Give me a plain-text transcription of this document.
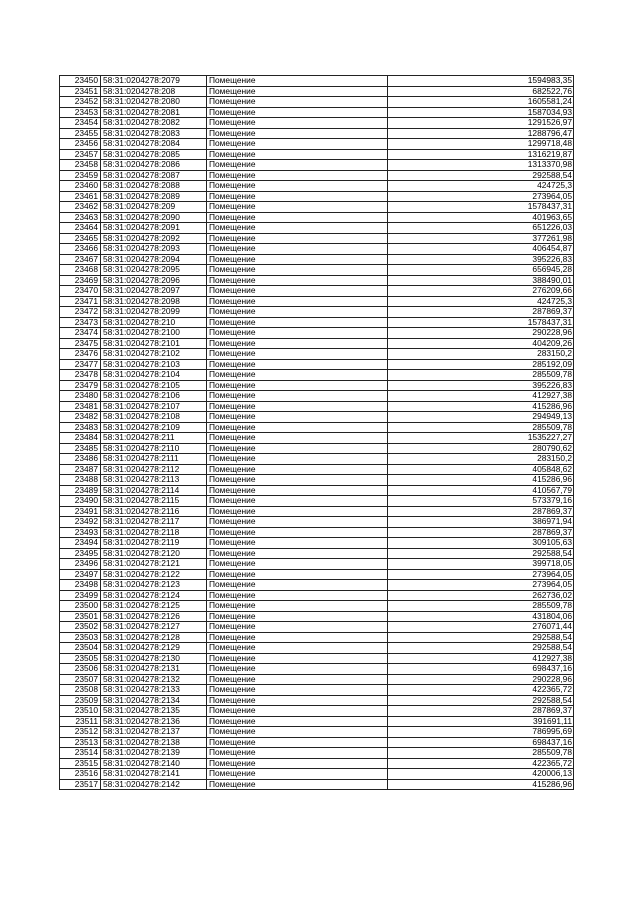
23450	58:31:0204278:2079	Помещение	1594983,35
23451	58:31:0204278:208	Помещение	682522,76
23452	58:31:0204278:2080	Помещение	1605581,24
23453	58:31:0204278:2081	Помещение	1587034,93
23454	58:31:0204278:2082	Помещение	1291526,97
23455	58:31:0204278:2083	Помещение	1288796,47
23456	58:31:0204278:2084	Помещение	1299718,48
23457	58:31:0204278:2085	Помещение	1316219,87
23458	58:31:0204278:2086	Помещение	1313370,98
23459	58:31:0204278:2087	Помещение	292588,54
23460	58:31:0204278:2088	Помещение	424725,3
23461	58:31:0204278:2089	Помещение	273964,05
23462	58:31:0204278:209	Помещение	1578437,31
23463	58:31:0204278:2090	Помещение	401963,65
23464	58:31:0204278:2091	Помещение	651226,03
23465	58:31:0204278:2092	Помещение	377261,98
23466	58:31:0204278:2093	Помещение	406454,87
23467	58:31:0204278:2094	Помещение	395226,83
23468	58:31:0204278:2095	Помещение	656945,28
23469	58:31:0204278:2096	Помещение	388490,01
23470	58:31:0204278:2097	Помещение	276209,66
23471	58:31:0204278:2098	Помещение	424725,3
23472	58:31:0204278:2099	Помещение	287869,37
23473	58:31:0204278:210	Помещение	1578437,31
23474	58:31:0204278:2100	Помещение	290228,96
23475	58:31:0204278:2101	Помещение	404209,26
23476	58:31:0204278:2102	Помещение	283150,2
23477	58:31:0204278:2103	Помещение	285192,09
23478	58:31:0204278:2104	Помещение	285509,78
23479	58:31:0204278:2105	Помещение	395226,83
23480	58:31:0204278:2106	Помещение	412927,38
23481	58:31:0204278:2107	Помещение	415286,96
23482	58:31:0204278:2108	Помещение	294949,13
23483	58:31:0204278:2109	Помещение	285509,78
23484	58:31:0204278:211	Помещение	1535227,27
23485	58:31:0204278:2110	Помещение	280790,62
23486	58:31:0204278:2111	Помещение	283150,2
23487	58:31:0204278:2112	Помещение	405848,62
23488	58:31:0204278:2113	Помещение	415286,96
23489	58:31:0204278:2114	Помещение	410567,79
23490	58:31:0204278:2115	Помещение	573379,16
23491	58:31:0204278:2116	Помещение	287869,37
23492	58:31:0204278:2117	Помещение	386971,94
23493	58:31:0204278:2118	Помещение	287869,37
23494	58:31:0204278:2119	Помещение	309105,63
23495	58:31:0204278:2120	Помещение	292588,54
23496	58:31:0204278:2121	Помещение	399718,05
23497	58:31:0204278:2122	Помещение	273964,05
23498	58:31:0204278:2123	Помещение	273964,05
23499	58:31:0204278:2124	Помещение	262736,02
23500	58:31:0204278:2125	Помещение	285509,78
23501	58:31:0204278:2126	Помещение	431804,06
23502	58:31:0204278:2127	Помещение	276071,44
23503	58:31:0204278:2128	Помещение	292588,54
23504	58:31:0204278:2129	Помещение	292588,54
23505	58:31:0204278:2130	Помещение	412927,38
23506	58:31:0204278:2131	Помещение	698437,16
23507	58:31:0204278:2132	Помещение	290228,96
23508	58:31:0204278:2133	Помещение	422365,72
23509	58:31:0204278:2134	Помещение	292588,54
23510	58:31:0204278:2135	Помещение	287869,37
23511	58:31:0204278:2136	Помещение	391691,11
23512	58:31:0204278:2137	Помещение	786995,69
23513	58:31:0204278:2138	Помещение	698437,16
23514	58:31:0204278:2139	Помещение	285509,78
23515	58:31:0204278:2140	Помещение	422365,72
23516	58:31:0204278:2141	Помещение	420006,13
23517	58:31:0204278:2142	Помещение	415286,96
